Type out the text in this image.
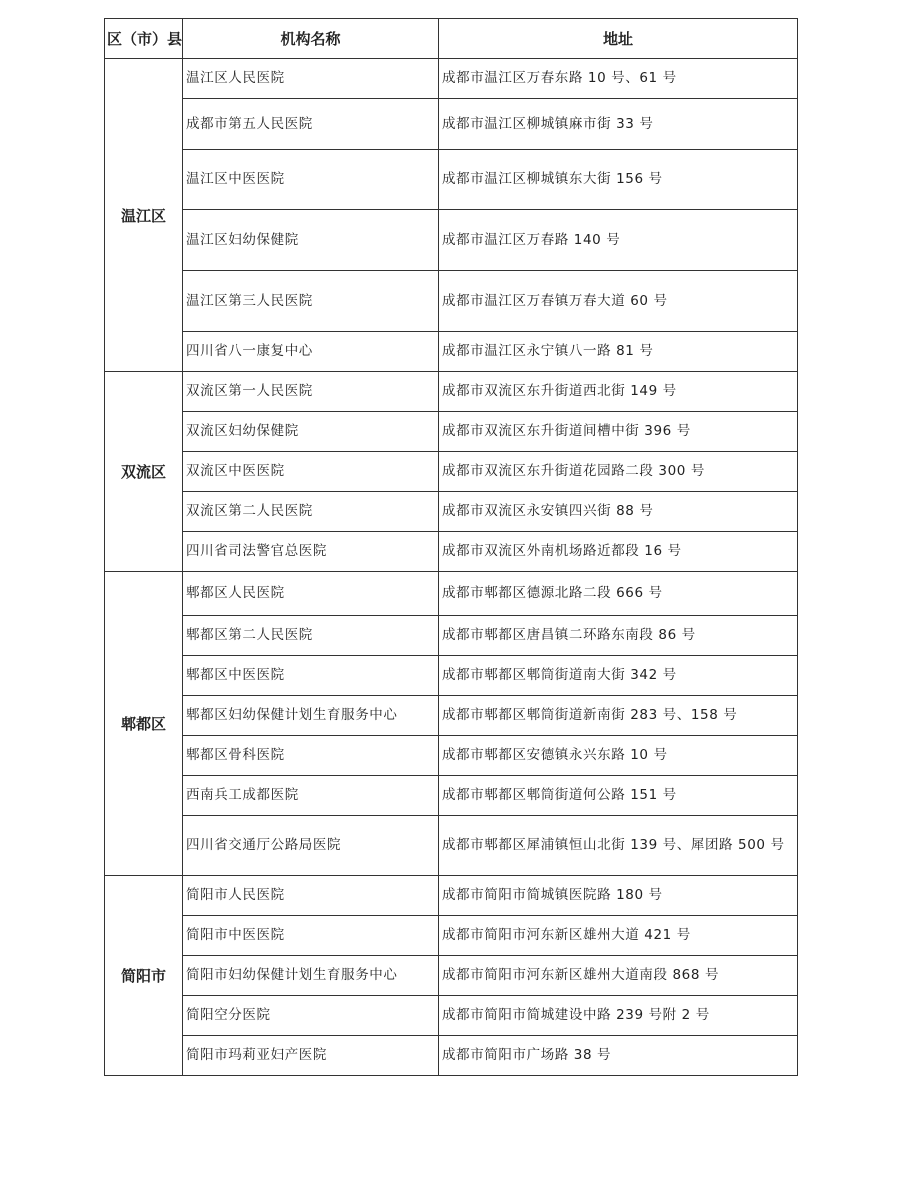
区（市）县	机构名称	地址
温江区	温江区人民医院	成都市温江区万春东路 10 号、61 号
	成都市第五人民医院	成都市温江区柳城镇麻市街 33 号
	温江区中医医院	成都市温江区柳城镇东大街 156 号
	温江区妇幼保健院	成都市温江区万春路 140 号
	温江区第三人民医院	成都市温江区万春镇万春大道 60 号
	四川省八一康复中心	成都市温江区永宁镇八一路 81 号
双流区	双流区第一人民医院	成都市双流区东升街道西北街 149 号
	双流区妇幼保健院	成都市双流区东升街道间槽中街 396 号
	双流区中医医院	成都市双流区东升街道花园路二段 300 号
	双流区第二人民医院	成都市双流区永安镇四兴街 88 号
	四川省司法警官总医院	成都市双流区外南机场路近都段 16 号
郫都区	郫都区人民医院	成都市郫都区德源北路二段 666 号
	郫都区第二人民医院	成都市郫都区唐昌镇二环路东南段 86 号
	郫都区中医医院	成都市郫都区郫筒街道南大街 342 号
	郫都区妇幼保健计划生育服务中心	成都市郫都区郫筒街道新南街 283 号、158 号
	郫都区骨科医院	成都市郫都区安德镇永兴东路 10 号
	西南兵工成都医院	成都市郫都区郫筒街道何公路 151 号
	四川省交通厅公路局医院	成都市郫都区犀浦镇恒山北街 139 号、犀团路 500 号
简阳市	简阳市人民医院	成都市简阳市简城镇医院路 180 号
	简阳市中医医院	成都市简阳市河东新区雄州大道 421 号
	简阳市妇幼保健计划生育服务中心	成都市简阳市河东新区雄州大道南段 868 号
	简阳空分医院	成都市简阳市简城建设中路 239 号附 2 号
	简阳市玛莉亚妇产医院	成都市简阳市广场路 38 号
